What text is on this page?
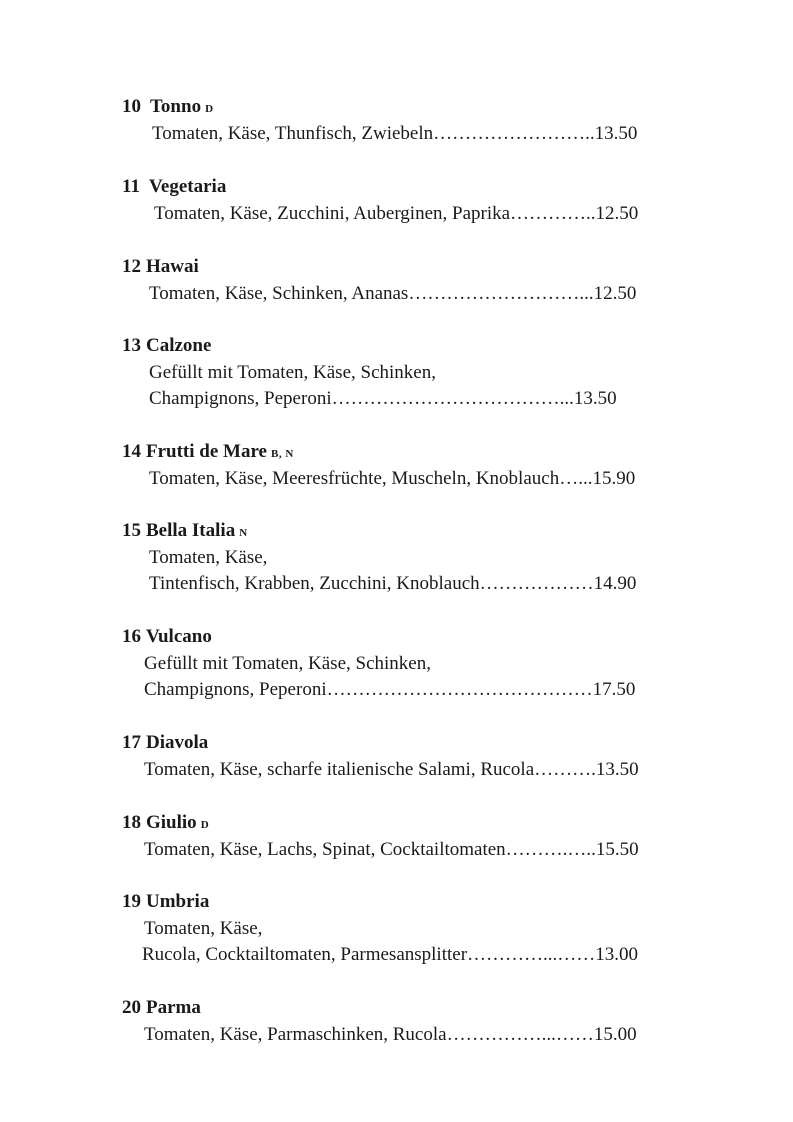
10 Tonno D
Tomaten, Käse, Thunfisch, Zwiebeln……………………..13.50
11 Vegetaria
Tomaten, Käse, Zucchini, Auberginen, Paprika…………..12.50
12 Hawai
Tomaten, Käse, Schinken, Ananas………………………...12.50
13 Calzone
Gefüllt mit Tomaten, Käse, Schinken,
Champignons, Peperoni………………………………...13.50
14 Frutti de Mare B, N
Tomaten, Käse, Meeresfrüchte, Muscheln, Knoblauch…...15.90
15 Bella Italia N
Tomaten, Käse,
Tintenfisch, Krabben, Zucchini, Knoblauch………………14.90
16 Vulcano
Gefüllt mit Tomaten, Käse, Schinken,
Champignons, Peperoni……………………………………17.50
17 Diavola
Tomaten, Käse, scharfe italienische Salami, Rucola……….13.50
18 Giulio D
Tomaten, Käse, Lachs, Spinat, Cocktailtomaten……….…..15.50
19 Umbria
Tomaten, Käse,
Rucola, Cocktailtomaten, Parmesansplitter…………...……13.00
20 Parma
Tomaten, Käse, Parmaschinken, Rucola……………...……15.00
